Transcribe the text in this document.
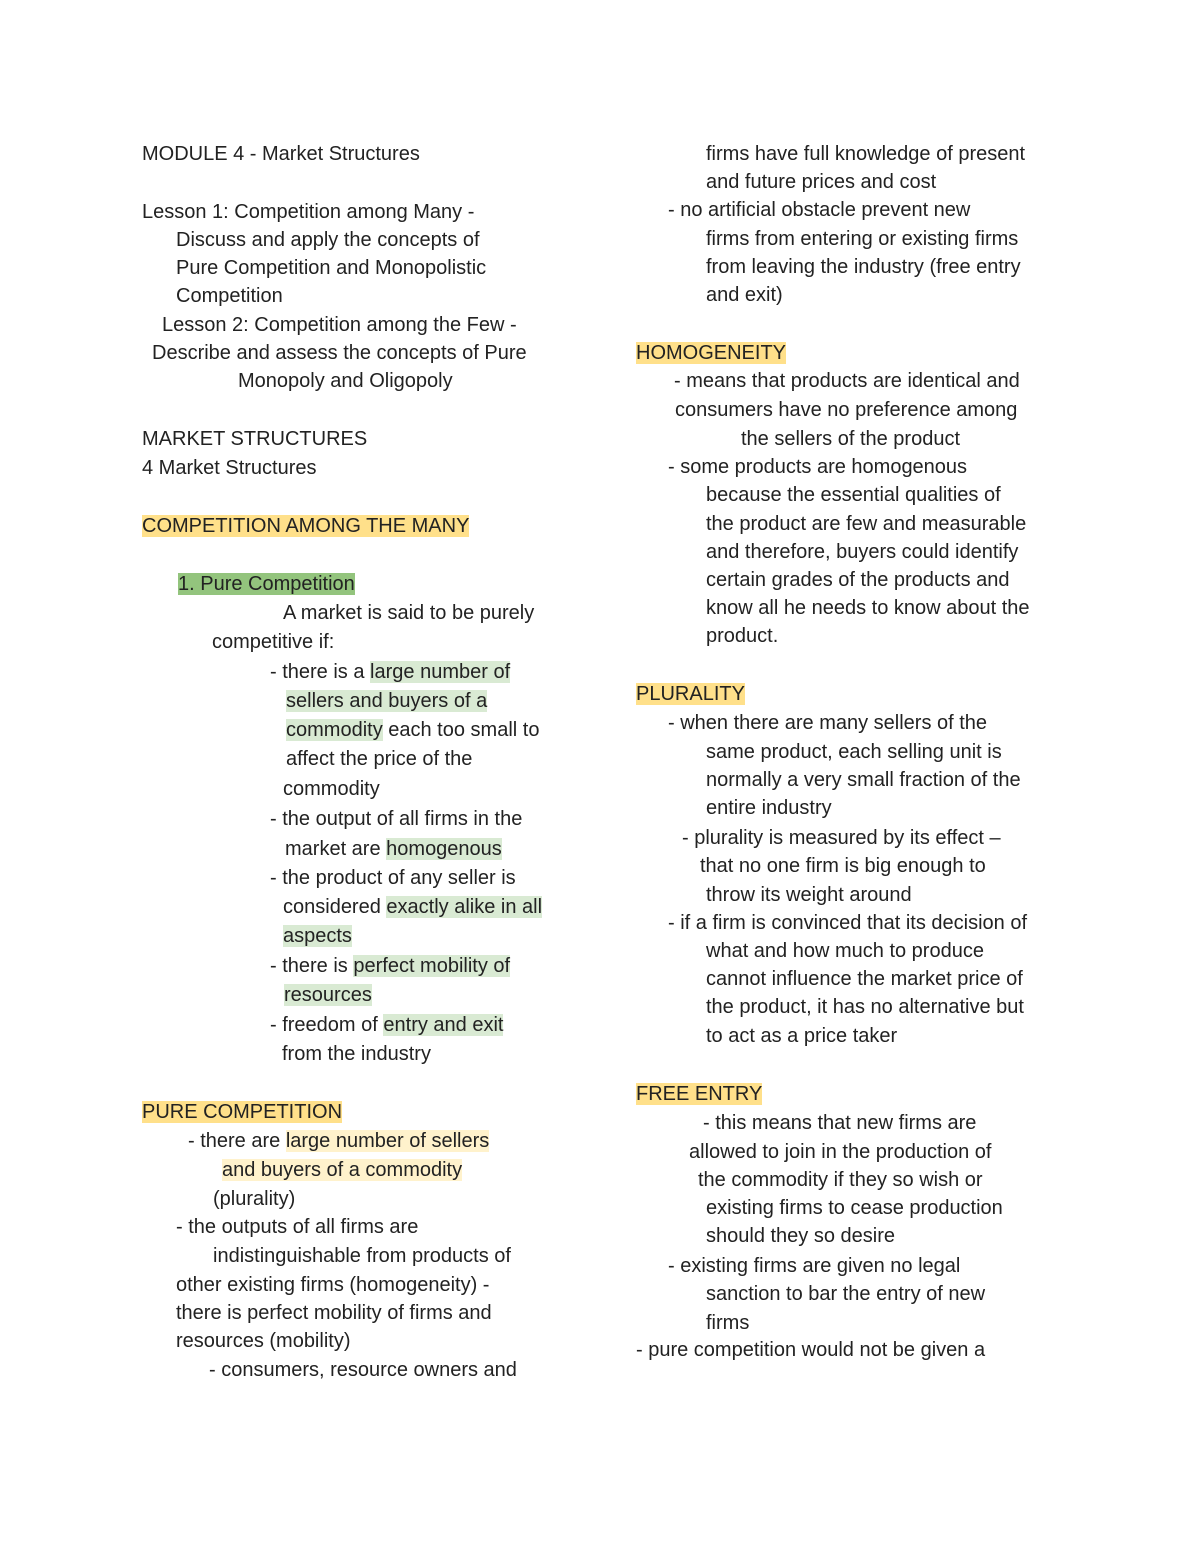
MODULE 4 - Market Structures
Lesson 1: Competition among Many -
Discuss and apply the concepts of
Pure Competition and Monopolistic
Competition
Lesson 2: Competition among the Few -
Describe and assess the concepts of Pure
Monopoly and Oligopoly
MARKET STRUCTURES
4 Market Structures
COMPETITION AMONG THE MANY
1. Pure Competition
A market is said to be purely
competitive if:
- there is a large number of
sellers and buyers of a
commodity each too small to
affect the price of the
commodity
- the output of all firms in the
market are homogenous
- the product of any seller is
considered exactly alike in all
aspects
- there is perfect mobility of
resources
- freedom of entry and exit
from the industry
PURE COMPETITION
- there are large number of sellers
and buyers of a commodity
(plurality)
- the outputs of all firms are
indistinguishable from products of
other existing firms (homogeneity) -
there is perfect mobility of firms and
resources (mobility)
- consumers, resource owners and
firms have full knowledge of present
and future prices and cost
- no artificial obstacle prevent new
firms from entering or existing firms
from leaving the industry (free entry
and exit)
HOMOGENEITY
- means that products are identical and
consumers have no preference among
the sellers of the product
- some products are homogenous
because the essential qualities of
the product are few and measurable
and therefore, buyers could identify
certain grades of the products and
know all he needs to know about the
product.
PLURALITY
- when there are many sellers of the
same product, each selling unit is
normally a very small fraction of the
entire industry
- plurality is measured by its effect –
that no one firm is big enough to
throw its weight around
- if a firm is convinced that its decision of
what and how much to produce
cannot influence the market price of
the product, it has no alternative but
to act as a price taker
FREE ENTRY
- this means that new firms are
allowed to join in the production of
the commodity if they so wish or
existing firms to cease production
should they so desire
- existing firms are given no legal
sanction to bar the entry of new
firms
- pure competition would not be given a
